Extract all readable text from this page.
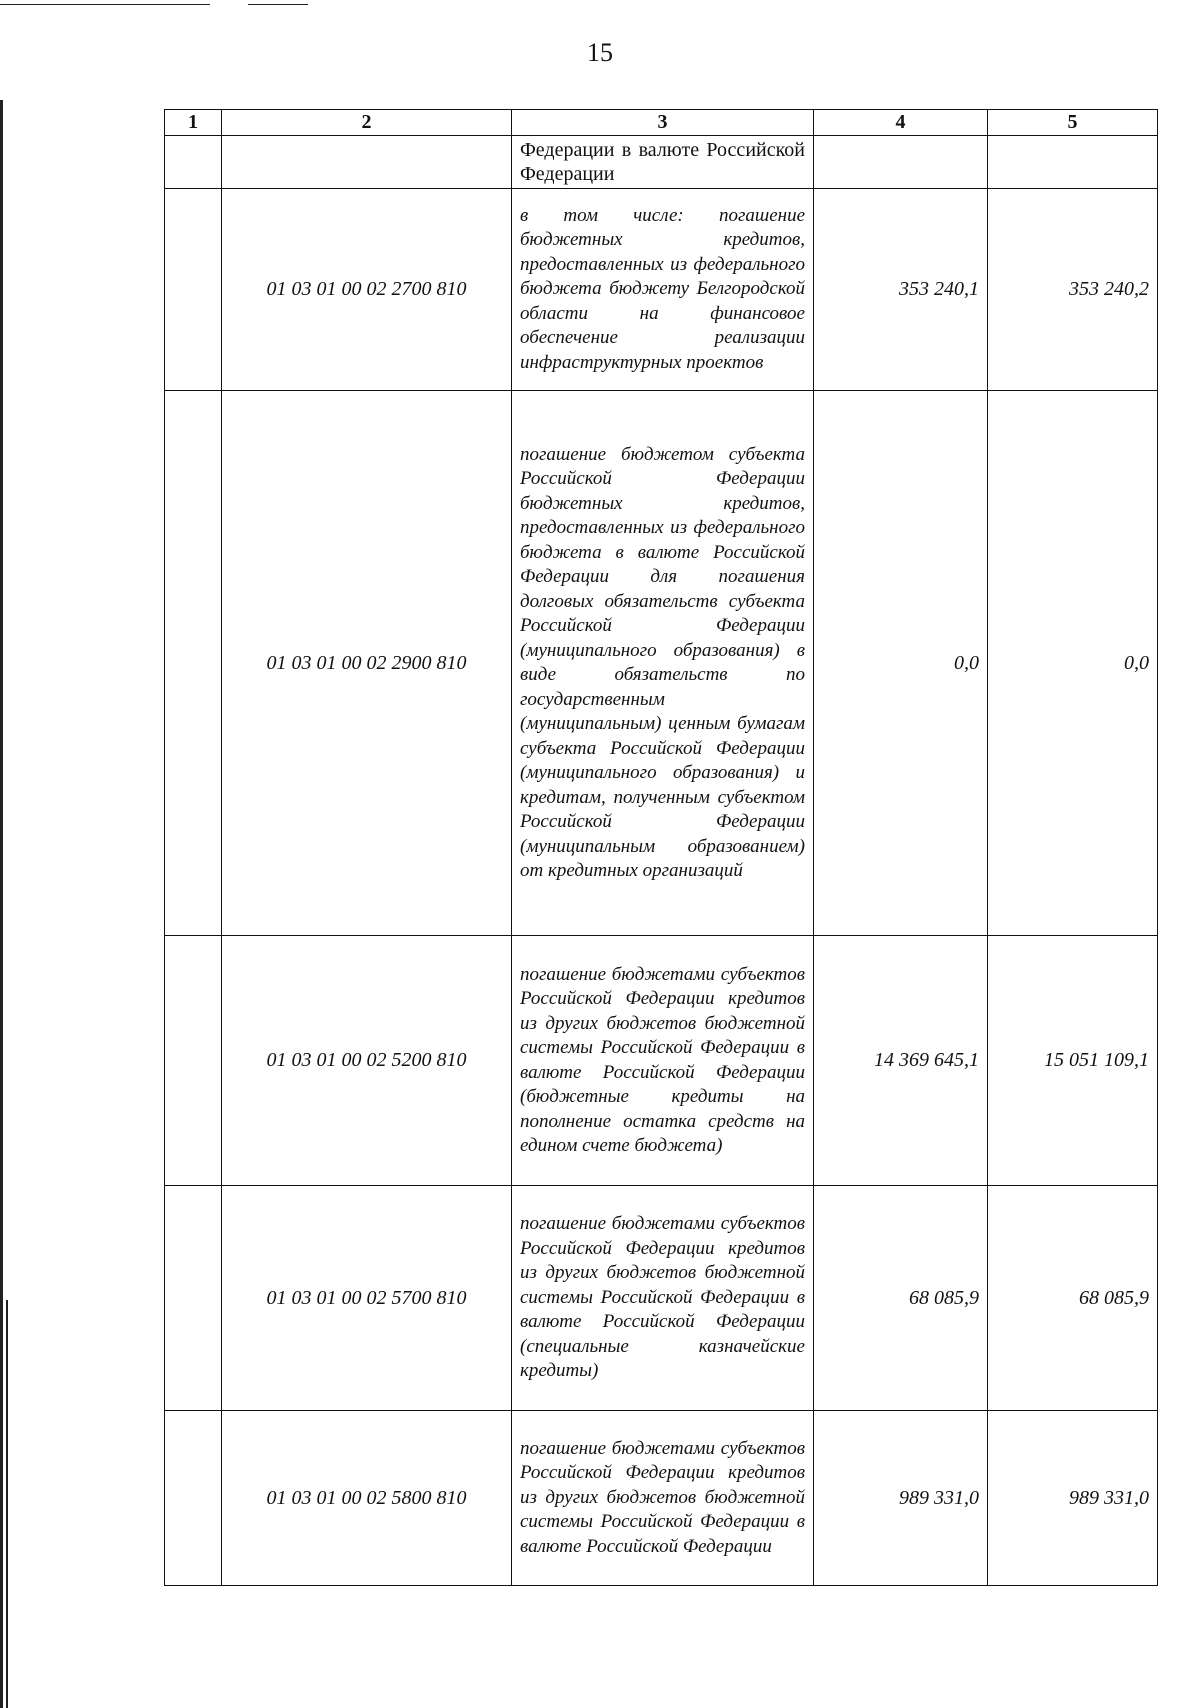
15
1	2	3	4	5

		Федерации в валюте Российской Федерации		

	01 03 01 00 02 2700 810	в том числе: погашение бюджетных кредитов, предоставленных из федерального бюджета бюджету Белгородской области на финансовое обеспечение реализации инфраструктурных проектов	353 240,1	353 240,2
	01 03 01 00 02 2900 810	погашение бюджетом субъекта Российской Федерации бюджетных кредитов, предоставленных из федерального бюджета в валюте Российской Федерации для погашения долговых обязательств субъекта Российской Федерации (муниципального образования) в виде обязательств по государственным (муниципальным) ценным бумагам субъекта Российской Федерации (муниципального образования) и кредитам, полученным субъектом Российской Федерации (муниципальным образованием) от кредитных организаций	0,0	0,0
	01 03 01 00 02 5200 810	погашение бюджетами субъектов Российской Федерации кредитов из других бюджетов бюджетной системы Российской Федерации в валюте Российской Федерации (бюджетные кредиты на пополнение остатка средств на едином счете бюджета)	14 369 645,1	15 051 109,1
	01 03 01 00 02 5700 810	погашение бюджетами субъектов Российской Федерации кредитов из других бюджетов бюджетной системы Российской Федерации в валюте Российской Федерации (специальные казначейские кредиты)	68 085,9	68 085,9
	01 03 01 00 02 5800 810	погашение бюджетами субъектов Российской Федерации кредитов из других бюджетов бюджетной системы Российской Федерации в валюте Российской Федерации	989 331,0	989 331,0
